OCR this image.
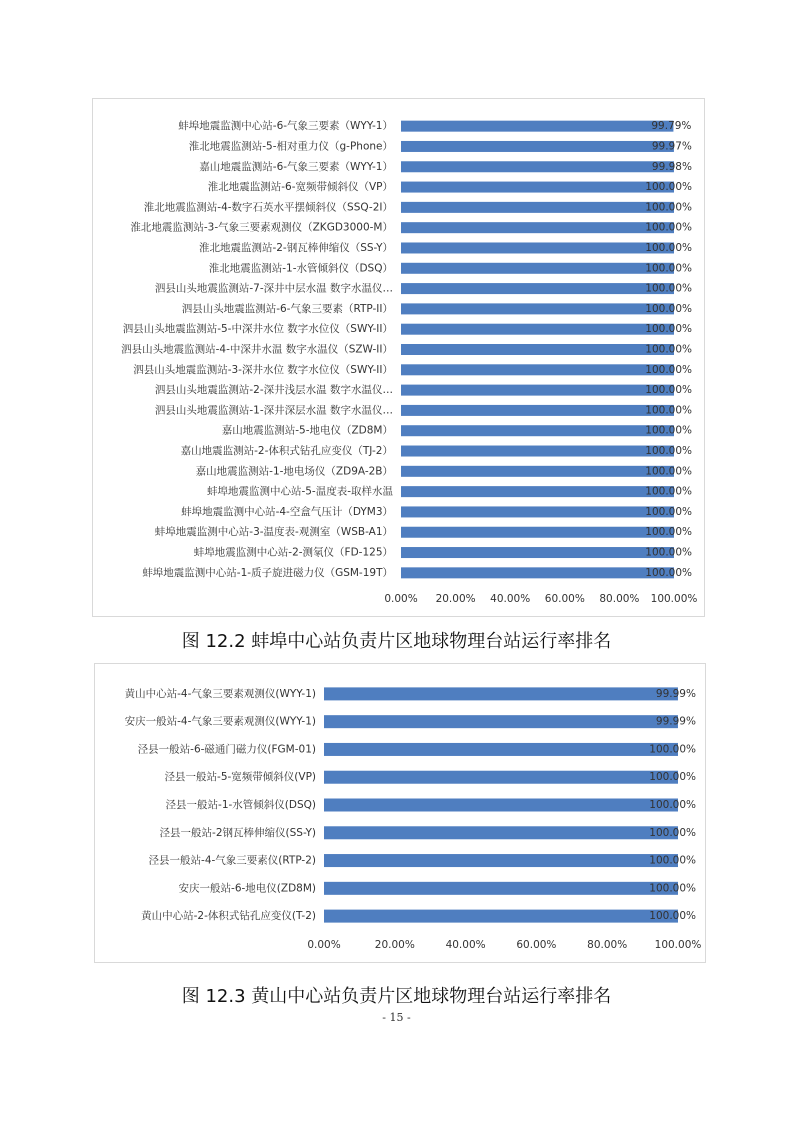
蚌埠地震监测中心站-6-气象三要素（WYY-1）	99.79%
淮北地震监测站-5-相对重力仪（g-Phone）	99.97%
嘉山地震监测站-6-气象三要素（WYY-1）	99.98%
淮北地震监测站-6-宽频带倾斜仪（VP）	100.00%
淮北地震监测站-4-数字石英水平摆倾斜仪（SSQ-2I）	100.00%
淮北地震监测站-3-气象三要素观测仪（ZKGD3000-M）	100.00%
淮北地震监测站-2-钢瓦棒伸缩仪（SS-Y）	100.00%
淮北地震监测站-1-水管倾斜仪（DSQ）	100.00%
泗县山头地震监测站-7-深井中层水温 数字水温仪…	100.00%
泗县山头地震监测站-6-气象三要素（RTP-II）	100.00%
泗县山头地震监测站-5-中深井水位 数字水位仪（SWY-II）	100.00%
泗县山头地震监测站-4-中深井水温 数字水温仪（SZW-II）	100.00%
泗县山头地震监测站-3-深井水位 数字水位仪（SWY-II）	100.00%
泗县山头地震监测站-2-深井浅层水温 数字水温仪…	100.00%
泗县山头地震监测站-1-深井深层水温 数字水温仪…	100.00%
嘉山地震监测站-5-地电仪（ZD8M）	100.00%
嘉山地震监测站-2-体积式钻孔应变仪（TJ-2）	100.00%
嘉山地震监测站-1-地电场仪（ZD9A-2B）	100.00%
蚌埠地震监测中心站-5-温度表-取样水温	100.00%
蚌埠地震监测中心站-4-空盒气压计（DYM3）	100.00%
蚌埠地震监测中心站-3-温度表-观测室（WSB-A1）	100.00%
蚌埠地震监测中心站-2-测氡仪（FD-125）	100.00%
蚌埠地震监测中心站-1-质子旋进磁力仪（GSM-19T）	100.00%
0.00% 20.00% 40.00% 60.00% 80.00% 100.00%
图 12.2 蚌埠中心站负责片区地球物理台站运行率排名
黄山中心站-4-气象三要素观测仪(WYY-1)	99.99%
安庆一般站-4-气象三要素观测仪(WYY-1)	99.99%
泾县一般站-6-磁通门磁力仪(FGM-01)	100.00%
泾县一般站-5-宽频带倾斜仪(VP)	100.00%
泾县一般站-1-水管倾斜仪(DSQ)	100.00%
泾县一般站-2钢瓦棒伸缩仪(SS-Y)	100.00%
泾县一般站-4-气象三要素仪(RTP-2)	100.00%
安庆一般站-6-地电仪(ZD8M)	100.00%
黄山中心站-2-体积式钻孔应变仪(T-2)	100.00%
0.00%	20.00%	40.00%	60.00%	80.00%	100.00%
图 12.3 黄山中心站负责片区地球物理台站运行率排名
- 15 -
